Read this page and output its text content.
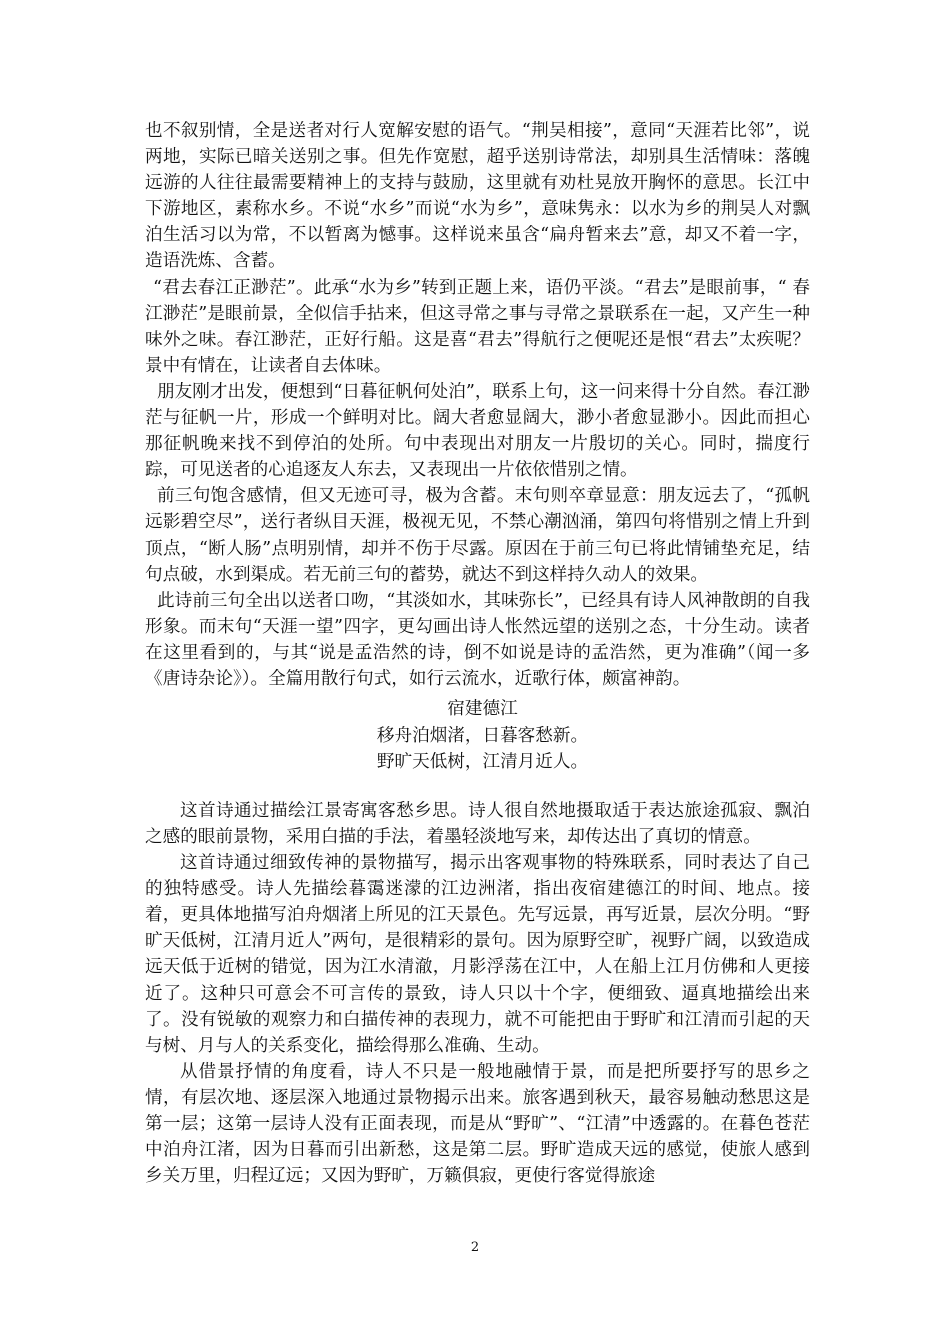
也不叙别情，全是送者对行人宽解安慰的语气。“荆吴相接”，意同“天涯若比邻”，说两地，实际已暗关送别之事。但先作宽慰，超乎送别诗常法，却别具生活情味：落魄远游的人往往最需要精神上的支持与鼓励，这里就有劝杜晃放开胸怀的意思。长江中下游地区，素称水乡。不说“水乡”而说“水为乡”，意味隽永：以水为乡的荆吴人对飘泊生活习以为常，不以暂离为憾事。这样说来虽含“扁舟暂来去”意，却又不着一字，造语洗炼、含蓄。

“君去春江正渺茫”。此承“水为乡”转到正题上来，语仍平淡。“君去”是眼前事，“ 春江渺茫”是眼前景，全似信手拈来，但这寻常之事与寻常之景联系在一起，又产生一种味外之味。春江渺茫，正好行船。这是喜“君去”得航行之便呢还是恨“君去”太疾呢？景中有情在，让读者自去体味。

朋友刚才出发，便想到“日暮征帆何处泊”，联系上句，这一问来得十分自然。春江渺茫与征帆一片，形成一个鲜明对比。阔大者愈显阔大，渺小者愈显渺小。因此而担心那征帆晚来找不到停泊的处所。句中表现出对朋友一片殷切的关心。同时，揣度行踪，可见送者的心追逐友人东去，又表现出一片依依惜别之情。

前三句饱含感情，但又无迹可寻，极为含蓄。末句则卒章显意：朋友远去了，“孤帆远影碧空尽”，送行者纵目天涯，极视无见，不禁心潮汹涌，第四句将惜别之情上升到顶点，“断人肠”点明别情，却并不伤于尽露。原因在于前三句已将此情铺垫充足，结句点破，水到渠成。若无前三句的蓄势，就达不到这样持久动人的效果。

此诗前三句全出以送者口吻，“其淡如水，其味弥长”，已经具有诗人风神散朗的自我形象。而末句“天涯一望”四字，更勾画出诗人怅然远望的送别之态，十分生动。读者在这里看到的，与其“说是孟浩然的诗，倒不如说是诗的孟浩然，更为准确”（闻一多《唐诗杂论》）。全篇用散行句式，如行云流水，近歌行体，颇富神韵。

宿建德江
移舟泊烟渚，日暮客愁新。
野旷天低树，江清月近人。

这首诗通过描绘江景寄寓客愁乡思。诗人很自然地摄取适于表达旅途孤寂、飘泊之感的眼前景物，采用白描的手法，着墨轻淡地写来，却传达出了真切的情意。

这首诗通过细致传神的景物描写，揭示出客观事物的特殊联系，同时表达了自己的独特感受。诗人先描绘暮霭迷濛的江边洲渚，指出夜宿建德江的时间、地点。接着，更具体地描写泊舟烟渚上所见的江天景色。先写远景，再写近景，层次分明。“野旷天低树，江清月近人”两句，是很精彩的景句。因为原野空旷，视野广阔，以致造成远天低于近树的错觉，因为江水清澈，月影浮荡在江中，人在船上江月仿佛和人更接近了。这种只可意会不可言传的景致，诗人只以十个字，便细致、逼真地描绘出来了。没有锐敏的观察力和白描传神的表现力，就不可能把由于野旷和江清而引起的天与树、月与人的关系变化，描绘得那么准确、生动。

从借景抒情的角度看，诗人不只是一般地融情于景，而是把所要抒写的思乡之情，有层次地、逐层深入地通过景物揭示出来。旅客遇到秋天，最容易触动愁思这是第一层；这第一层诗人没有正面表现，而是从“野旷”、“江清”中透露的。在暮色苍茫中泊舟江渚，因为日暮而引出新愁，这是第二层。野旷造成天远的感觉，使旅人感到乡关万里，归程辽远；又因为野旷，万籁俱寂，更使行客觉得旅途

2
